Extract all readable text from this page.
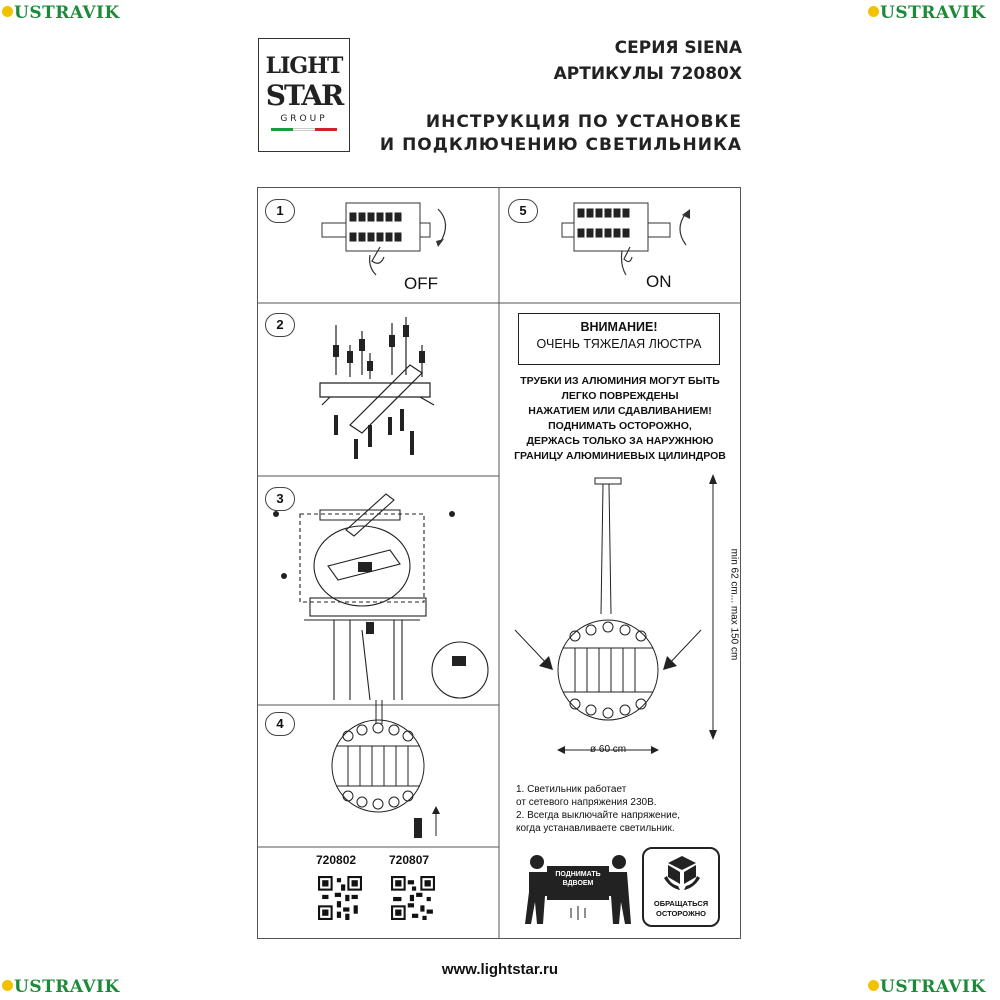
USTRAVIK	USTRAVIK
USTRAVIK	USTRAVIK
LIGHT
STAR
GROUP
СЕРИЯ SIENA
АРТИКУЛЫ 72080X
ИНСТРУКЦИЯ ПО УСТАНОВКЕ
И ПОДКЛЮЧЕНИЮ СВЕТИЛЬНИКА
1	5
2
3
4
OFF	ON
ВНИМАНИЕ!
ОЧЕНЬ ТЯЖЕЛАЯ ЛЮСТРА
ТРУБКИ ИЗ АЛЮМИНИЯ МОГУТ БЫТЬ
ЛЕГКО ПОВРЕЖДЕНЫ
НАЖАТИЕМ ИЛИ СДАВЛИВАНИЕМ!
ПОДНИМАТЬ ОСТОРОЖНО,
ДЕРЖАСЬ ТОЛЬКО ЗА НАРУЖНЮЮ
ГРАНИЦУ АЛЮМИНИЕВЫХ ЦИЛИНДРОВ
min 62 cm... max 150 cm
ø 60 cm
1. Светильник работает
от сетевого напряжения 230В.
2. Всегда выключайте напряжение,
когда устанавливаете светильник.
720802	720807
ПОДНИМАТЬ
ВДВОЕМ
ОБРАЩАТЬСЯ
ОСТОРОЖНО
www.lightstar.ru
